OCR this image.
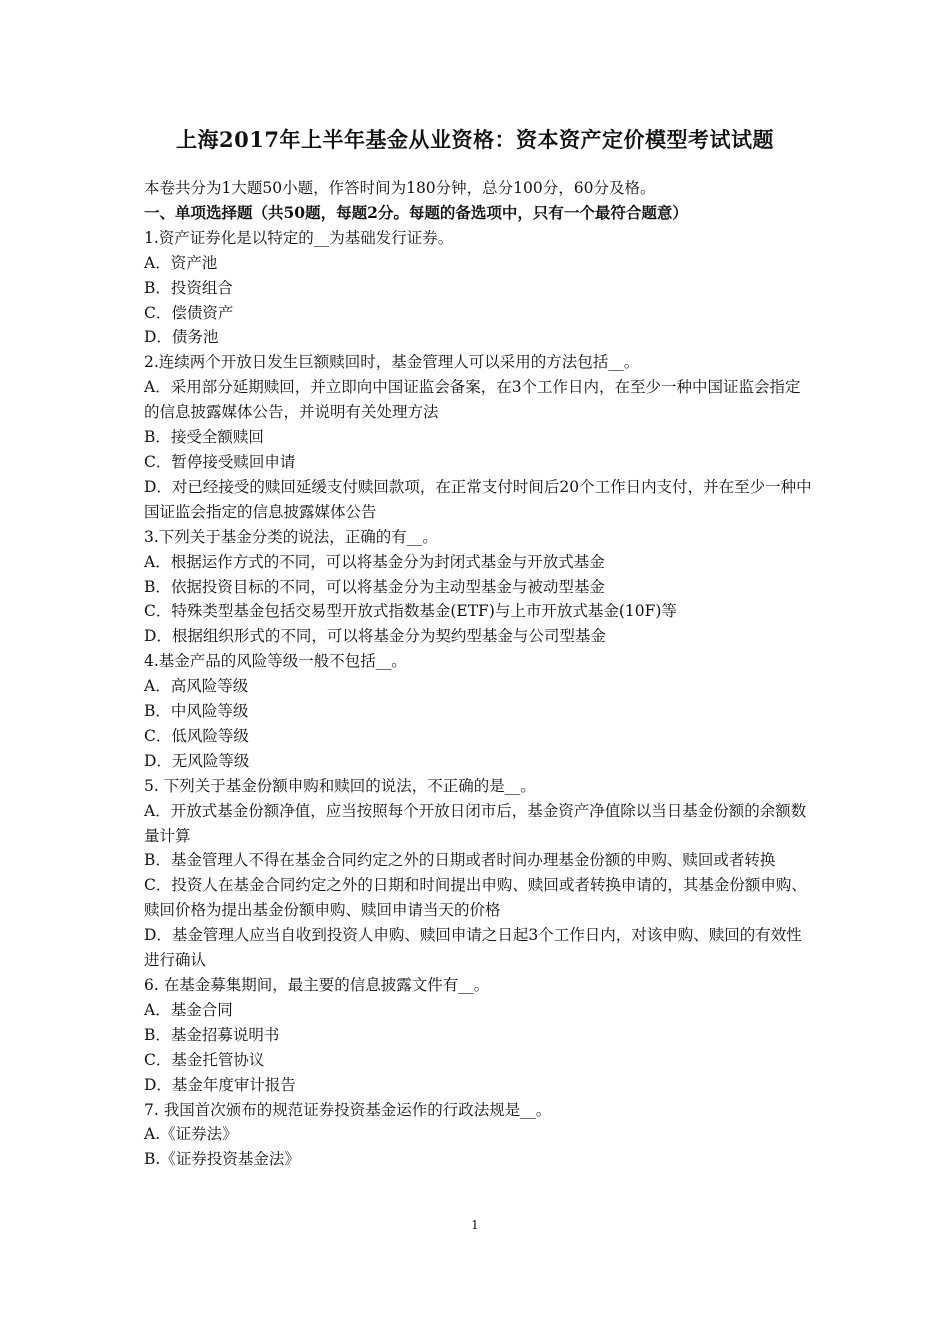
上海2017年上半年基金从业资格：资本资产定价模型考试试题
本卷共分为1大题50小题，作答时间为180分钟，总分100分，60分及格。
一、单项选择题（共50题，每题2分。每题的备选项中，只有一个最符合题意）
1.资产证券化是以特定的__为基础发行证券。
A．资产池
B．投资组合
C．偿债资产
D．债务池
2.连续两个开放日发生巨额赎回时，基金管理人可以采用的方法包括__。
A．采用部分延期赎回，并立即向中国证监会备案，在3个工作日内，在至少一种中国证监会指定的信息披露媒体公告，并说明有关处理方法
B．接受全额赎回
C．暂停接受赎回申请
D．对已经接受的赎回延缓支付赎回款项，在正常支付时间后20个工作日内支付，并在至少一种中国证监会指定的信息披露媒体公告
3.下列关于基金分类的说法，正确的有__。
A．根据运作方式的不同，可以将基金分为封闭式基金与开放式基金
B．依据投资目标的不同，可以将基金分为主动型基金与被动型基金
C．特殊类型基金包括交易型开放式指数基金(ETF)与上市开放式基金(10F)等
D．根据组织形式的不同，可以将基金分为契约型基金与公司型基金
4.基金产品的风险等级一般不包括__。
A．高风险等级
B．中风险等级
C．低风险等级
D．无风险等级
5. 下列关于基金份额申购和赎回的说法，不正确的是__。
A．开放式基金份额净值，应当按照每个开放日闭市后，基金资产净值除以当日基金份额的余额数量计算
B．基金管理人不得在基金合同约定之外的日期或者时间办理基金份额的申购、赎回或者转换
C．投资人在基金合同约定之外的日期和时间提出申购、赎回或者转换申请的，其基金份额申购、赎回价格为提出基金份额申购、赎回申请当天的价格
D．基金管理人应当自收到投资人申购、赎回申请之日起3个工作日内，对该申购、赎回的有效性进行确认
6. 在基金募集期间，最主要的信息披露文件有__。
A．基金合同
B．基金招募说明书
C．基金托管协议
D．基金年度审计报告
7. 我国首次颁布的规范证券投资基金运作的行政法规是__。
A.《证券法》
B.《证券投资基金法》
1
